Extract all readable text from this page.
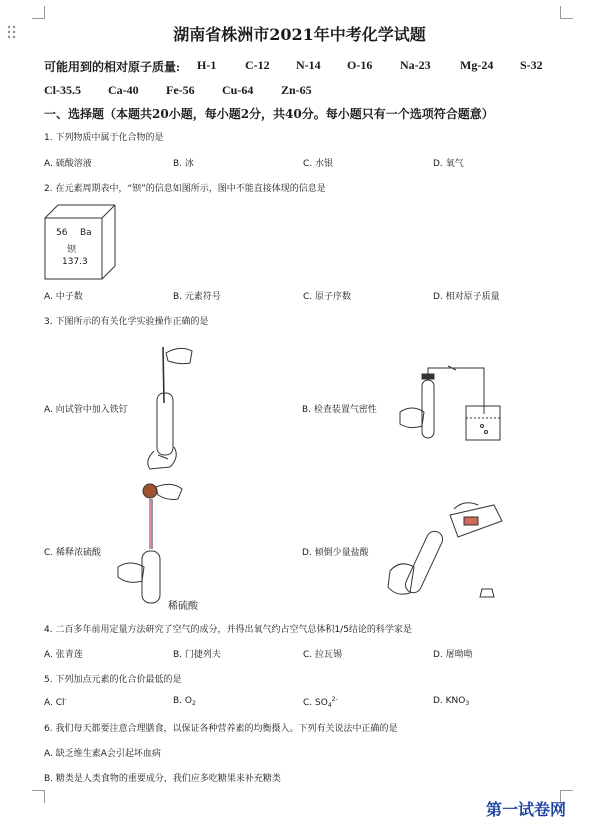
湖南省株洲市2021年中考化学试题
可能用到的相对原子质量: H-1 C-12 N-14 O-16 Na-23 Mg-24 S-32
Cl-35.5 Ca-40 Fe-56 Cu-64 Zn-65
一、选择题（本题共20小题，每小题2分，共40分。每小题只有一个选项符合题意）
1. 下列物质中属于化合物的是
A. 硫酸溶液	B. 冰	C. 水银	D. 氧气
2. 在元素周期表中，“钡”的信息如图所示，图中不能直接体现的信息是
56 Ba
钡
137.3
A. 中子数	B. 元素符号	C. 原子序数	D. 相对原子质量
3. 下图所示的有关化学实验操作正确的是
A. 向试管中加入铁钉	B. 检查装置气密性
稀硫酸
C. 稀释浓硫酸	D. 倾倒少量盐酸
4. 二百多年前用定量方法研究了空气的成分，并得出氧气约占空气总体积1/5结论的科学家是
A. 张青莲	B. 门捷列夫	C. 拉瓦锡	D. 屠呦呦
5. 下列加点元素的化合价最低的是
A. Cl-	B. $O_2$	C. $SO_4^{2-}$	D. $KNO_3$
6. 我们每天都要注意合理膳食，以保证各种营养素的均衡摄入。下列有关说法中正确的是
A. 缺乏维生素A会引起坏血病
B. 糖类是人类食物的重要成分，我们应多吃糖果来补充糖类
第一试卷网
